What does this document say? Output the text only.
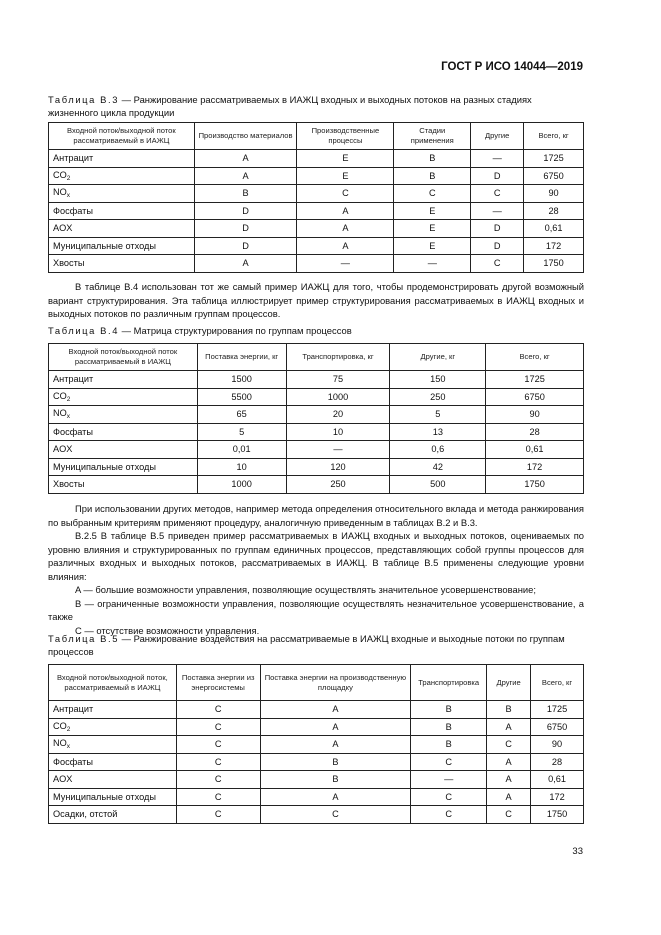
ГОСТ Р ИСО 14044—2019
Таблица В.3 — Ранжирование рассматриваемых в ИАЖЦ входных и выходных потоков на разных стадиях жизненного цикла продукции
Входной поток/выходной поток рассматриваемый в ИАЖЦ	Производство материалов	Производственные процессы	Стадии применения	Другие	Всего, кг
Антрацит	A	E	B	—	1725
$CO_2$	A	E	B	D	6750
$NO_x$	B	C	C	C	90
Фосфаты	D	A	E	—	28
AOX	D	A	E	D	0,61
Муниципальные отходы	D	A	E	D	172
Хвосты	A	—	—	C	1750

В таблице В.4 использован тот же самый пример ИАЖЦ для того, чтобы продемонстрировать другой возможный вариант структурирования. Эта таблица иллюстрирует пример структурирования рассматриваемых в ИАЖЦ входных и выходных потоков по различным группам процессов.

Таблица В.4 — Матрица структурирования по группам процессов
Входной поток/выходной поток рассматриваемый в ИАЖЦ	Поставка энергии, кг	Транспортировка, кг	Другие, кг	Всего, кг
Антрацит	1500	75	150	1725
$CO_2$	5500	1000	250	6750
$NO_x$	65	20	5	90
Фосфаты	5	10	13	28
AOX	0,01	—	0,6	0,61
Муниципальные отходы	10	120	42	172
Хвосты	1000	250	500	1750

При использовании других методов, например метода определения относительного вклада и метода ранжирования по выбранным критериям применяют процедуру, аналогичную приведенным в таблицах В.2 и В.3.

В.2.5 В таблице В.5 приведен пример рассматриваемых в ИАЖЦ входных и выходных потоков, оцениваемых по уровню влияния и структурированных по группам единичных процессов, представляющих собой группы процессов для различных входных и выходных потоков, рассматриваемых в ИАЖЦ. В таблице В.5 применены следующие уровни влияния:

A — большие возможности управления, позволяющие осуществлять значительное усовершенствование;

B — ограниченные возможности управления, позволяющие осуществлять незначительное усовершенствование, а также

C — отсутствие возможности управления.

Таблица В.5 — Ранжирование воздействия на рассматриваемые в ИАЖЦ входные и выходные потоки по группам процессов
Входной поток/выходной поток, рассматриваемый в ИАЖЦ	Поставка энергии из энергосистемы	Поставка энергии на производственную площадку	Транспортировка	Другие	Всего, кг
Антрацит	C	A	B	B	1725
$CO_2$	C	A	B	A	6750
$NO_x$	C	A	B	C	90
Фосфаты	C	B	C	A	28
AOX	C	B	—	A	0,61
Муниципальные отходы	C	A	C	A	172
Осадки, отстой	C	C	C	C	1750
33
